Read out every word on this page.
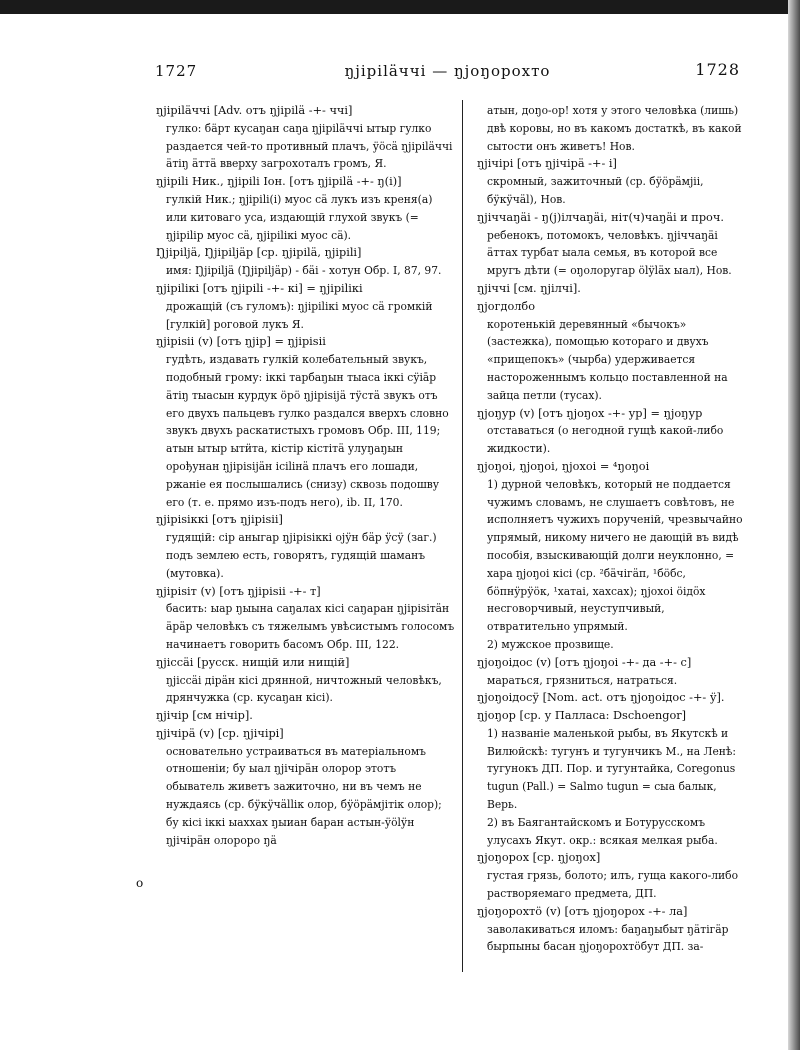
1727	ŋjiрilӓччi — ŋjoŋopoxто	1728
ŋjiрilӓччi [Adv. отъ ŋjiрilӓ -+- ччi]
гулко: бäрт кусаŋан саŋа ŋjiрilӓччi ытыр гулко раздается чей-то противный плачъ, ӱöсӓ ŋjiрilӓччi ӓтiŋ ӓттӓ вверху загрохоталъ громъ, Я.
ŋjiрili Ник., ŋjiрili Іон. [отъ ŋjiрilӓ -+- ŋ(i)]
гулкiй Ник.; ŋjiрili(i) муос сӓ лукъ изъ креня(а) или китоваго уса, издающiй глухой звукъ (= ŋjiрilip муос сӓ, ŋjiрilікi муос сӓ).
Ŋjiрiljӓ, Ŋjiрiljӓp [ср. ŋjiрilӓ, ŋjiрili]
имя: Ŋjiрiljӓ (Ŋjiрiljӓр) - бӓi - хотун Обр. I, 87, 97.
ŋjiрilікi [отъ ŋjiрili -+- кi] = ŋjiрilікi
дрожащiй (съ гуломъ): ŋjiрilікi муос сӓ громкiй [гулкiй] роговой лукъ Я.
ŋjiрisii (v) [отъ ŋjiр] = ŋjiрisii
гудѣть, издавать гулкiй колебательный звукъ, подобный грому: iккi тарбаŋын тыаса iккi сӱiāр ӓтiŋ тыасын курдук öрö ŋjiрisiјӓ тӱстӓ звукъ отъ его двухъ пальцевъ гулко раздался вверхъ словно звукъ двухъ раскатистыхъ громовъ Обр. III, 119; атын ытыр ытӥта, кiстiр кiстiтӓ улуŋаŋын орођунан ŋjiрisiјӓн iсiliнӓ плачъ его лошади, ржанiе ея послышались (снизу) сквозь подошву его (т. е. прямо изъ-подъ него), ib. II, 170.
ŋjiрisiккi [отъ ŋjiрisii]
гудящiй: сiр аныгар ŋjiрisiккi оjӱн бӓр ӱсӱ (заг.) подъ землею есть, говорятъ, гудящiй шаманъ (мутовка).
ŋjiрisiт (v) [отъ ŋjiрisii -+- т]
басить: ыар ŋыына саŋалах кiсi саŋаран ŋjiрisiтӓн ӓрӓр человѣкъ съ тяжелымъ увѣсистымъ голосомъ начинаетъ говорить басомъ Обр. III, 122.
ŋjiссӓi [русск. нищiй или нищiй]
ŋjiссӓi дiрӓн кiсi дрянной, ничтожный человѣкъ, дрянчужка (ср. кусаŋан кiсi).
ŋjiчiр [см нiчiр].
ŋjiчiрӓ (v) [ср. ŋjiчiрi]
основательно устраиваться въ матерiальномъ отношенiи; бу ыал ŋjiчiрӓн олорор этотъ обыватель живетъ зажиточно, ни въ чемъ не нуждаясь (ср. бӱкӱчӓlliк олор, бӱöрӓмjiтiк олор); бу кiсi iккi ыаххах ŋыиан баран астын-ӱölӱн ŋjiчiрӓн олороро ŋӓ
атын, доŋо-ор! хотя у этого человѣка (лишь) двѣ коровы, но въ какомъ достаткѣ, въ какой сытости онъ живетъ! Нов.
ŋjiчiрi [отъ ŋjiчiрӓ -+- i]
скромный, зажиточный (ср. бӱöрӓмjiі, бӱкӱчӓl), Нов.
ŋjiччаŋӓi - ŋ(j)iлчаŋӓi, нiт(ч)чаŋӓi и проч.
ребенокъ, потомокъ, человѣкъ. ŋjiччаŋӓi ӓттах турбат ыала семья, въ которой все мругъ дѣти (= оŋолоругар ölӱlӓх ыал), Нов.
ŋjiччi [см. ŋjiлчi].
ŋjoгдолбо
коротенькiй деревянный «бычокъ» (застежка), помощью котораго и двухъ «прищепокъ» (чырба) удерживается настороженнымъ кольцо поставленной на зайца петли (тусах).
ŋjoŋур (v) [отъ ŋjoŋох -+- ур] = ŋjoŋур
отставаться (о негодной гущѣ какой-либо жидкости).
ŋjoŋoi, ŋjoŋoi, ŋjoхoi = ⁴ŋoŋoi
1) дурной человѣкъ, который не поддается чужимъ словамъ, не слушаетъ совѣтовъ, не исполняетъ чужихъ порученiй, чрезвычайно упрямый, никому ничего не дающiй въ видѣ пособiя, взыскивающiй долги неуклонно, = хара ŋjoŋoi кiсi (ср. ²бӓчiгӓп, ¹бöбс, бöпнӱрӱöк, ¹хатаi, хахсах); ŋjoхoi öiдӧх несговорчивый, неуступчивый, отвратительно упрямый.
2) мужское прозвище.
ŋjoŋoiдoc (v) [отъ ŋjoŋoi -+- да -+- с]
мараться, грязниться, натраться.
ŋjoŋoiдoсӱ [Nom. act. отъ ŋjoŋoiдoс -+- ӱ].
ŋjoŋop [ср. у Палласа: Dschoengor]
1) названiе маленькой рыбы, въ Якутскѣ и Вилюйскѣ: тугунъ и тугунчикъ М., на Ленѣ: тугунокъ ДП. Пор. и тугунтайка, Coregonus tugun (Pall.) = Salmo tugun = сыа балык, Верь.
2) въ Баягантайскомъ и Ботурусскомъ улусахъ Якут. окр.: всякая мелкая рыба.
ŋjoŋopox [ср. ŋjoŋox]
густая грязь, болото; илъ, гуща какого-либо растворяемаго предмета, ДП.
ŋjoŋoрохтö (v) [отъ ŋjoŋoрох -+- ла]
заволакиваться иломъ: баŋаŋыбыт ŋӓтiгӓр бырпыны басан ŋjoŋoрохтöбут ДП. за-
o
